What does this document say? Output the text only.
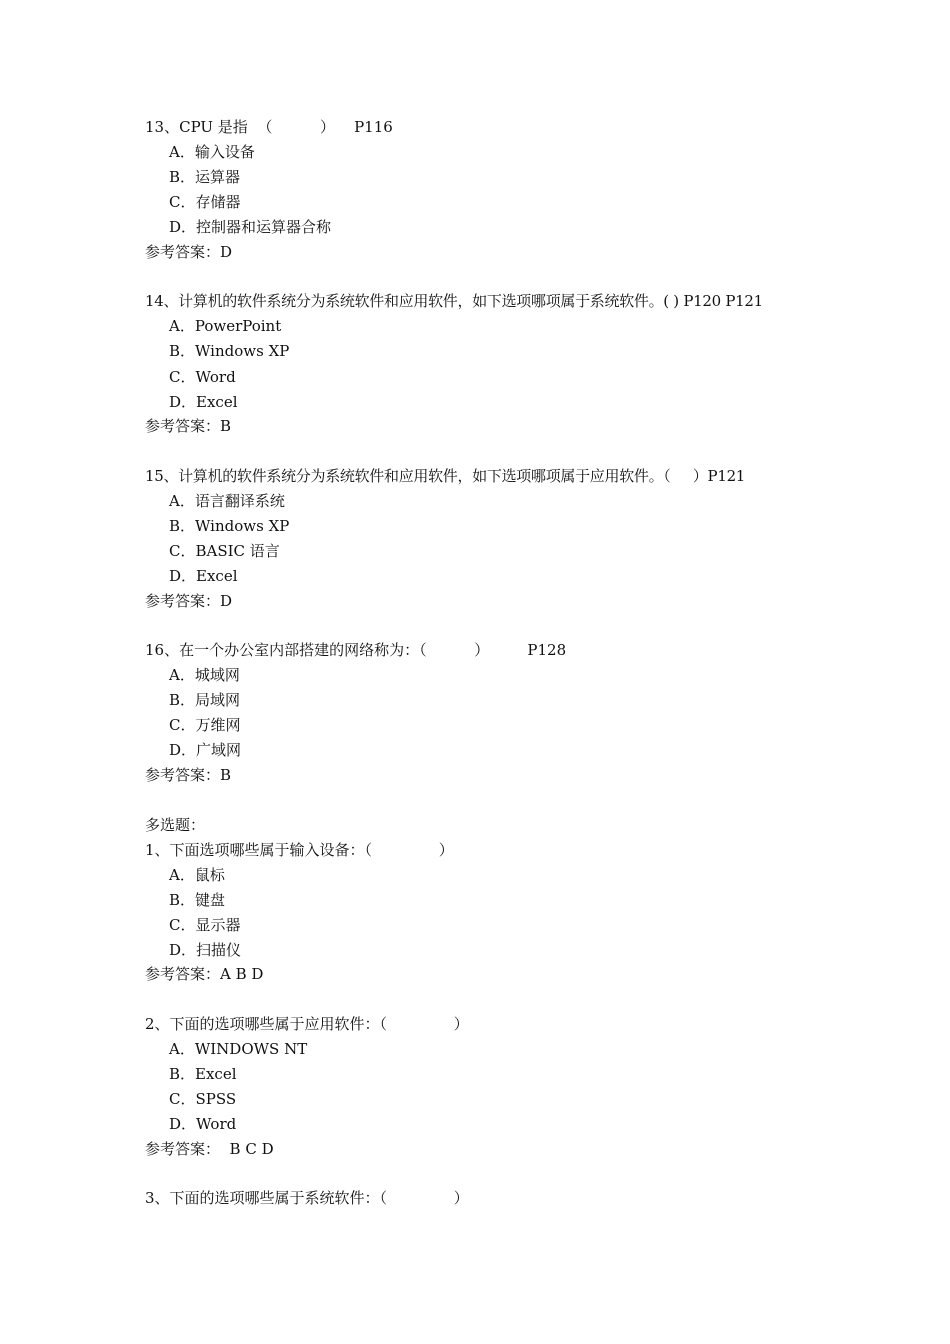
13、CPU 是指  （          ）    P116
A．输入设备
B．运算器
C．存储器
D．控制器和运算器合称
参考答案：D
14、计算机的软件系统分为系统软件和应用软件，如下选项哪项属于系统软件。( ) P120 P121
A．PowerPoint
B．Windows XP
C．Word
D．Excel
参考答案：B
15、计算机的软件系统分为系统软件和应用软件，如下选项哪项属于应用软件。（     ）P121
A．语言翻译系统
B．Windows XP
C．BASIC 语言
D．Excel
参考答案：D
16、在一个办公室内部搭建的网络称为：（          ）        P128
A．城域网
B．局域网
C．万维网
D．广域网
参考答案：B
多选题：
1、下面选项哪些属于输入设备：（              ）
A．鼠标
B．键盘
C．显示器
D．扫描仪
参考答案：A B D
2、下面的选项哪些属于应用软件：（              ）
A．WINDOWS NT
B．Excel
C．SPSS
D．Word
参考答案：  B C D
3、下面的选项哪些属于系统软件：（              ）
